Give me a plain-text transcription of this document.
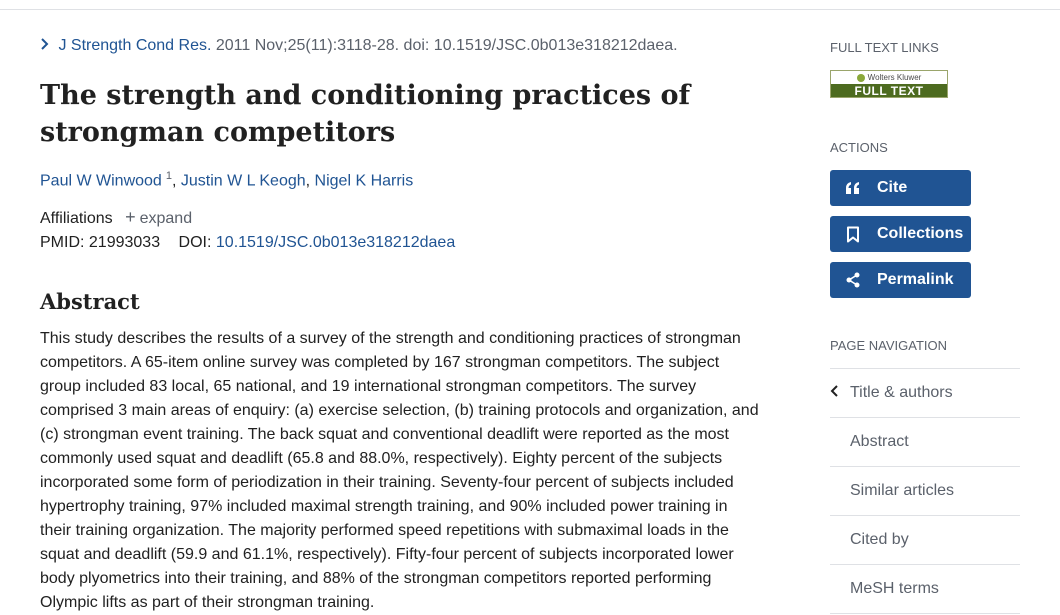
J Strength Cond Res. 2011 Nov;25(11):3118-28. doi: 10.1519/JSC.0b013e318212daea.
The strength and conditioning practices of strongman competitors
Paul W Winwood $^1$, Justin W L Keogh, Nigel K Harris
Affiliations + expand
PMID: 21993033 DOI: 10.1519/JSC.0b013e318212daea
Abstract

This study describes the results of a survey of the strength and conditioning practices of strongman competitors. A 65-item online survey was completed by 167 strongman competitors. The subject group included 83 local, 65 national, and 19 international strongman competitors. The survey comprised 3 main areas of enquiry: (a) exercise selection, (b) training protocols and organization, and (c) strongman event training. The back squat and conventional deadlift were reported as the most commonly used squat and deadlift (65.8 and 88.0%, respectively). Eighty percent of the subjects incorporated some form of periodization in their training. Seventy-four percent of subjects included hypertrophy training, 97% included maximal strength training, and 90% included power training in their training organization. The majority performed speed repetitions with submaximal loads in the squat and deadlift (59.9 and 61.1%, respectively). Fifty-four percent of subjects incorporated lower body plyometrics into their training, and 88% of the strongman competitors reported performing Olympic lifts as part of their strongman training.

FULL TEXT LINKS
Wolters Kluwer
FULL TEXT
ACTIONS
Cite
Collections
Permalink
PAGE NAVIGATION
Title & authors
Abstract
Similar articles
Cited by
MeSH terms
